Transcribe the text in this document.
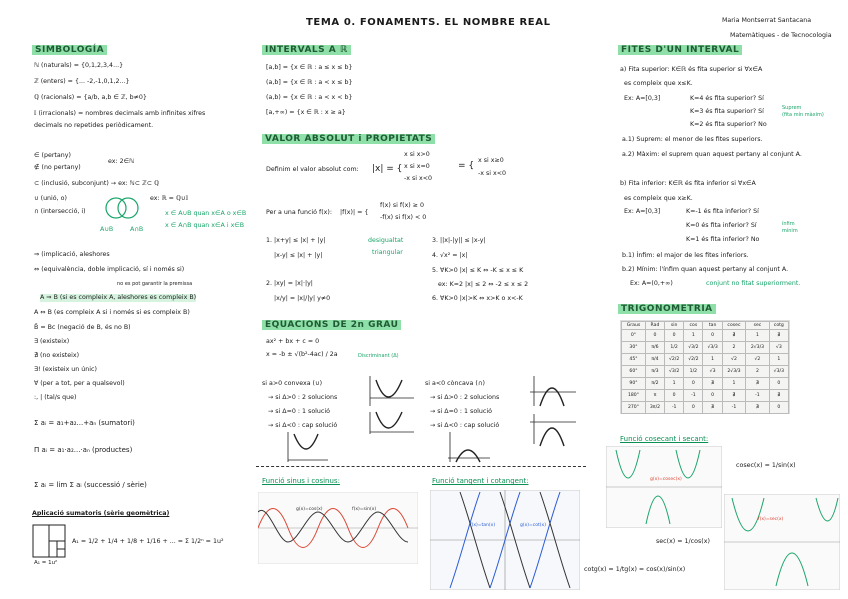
TEMA 0. FONAMENTS. EL NOMBRE REAL	Maria Montserrat Santacana
Matemàtiques - de Tecnocologia
SIMBOLOGÍA
ℕ (naturals) = {0,1,2,3,4...}
ℤ (enters) = {... -2,-1,0,1,2...}
ℚ (racionals) = {a/b, a,b ∈ ℤ, b≠0}
𝕀 (irracionals) = nombres decimals amb infinites xifres
decimals no repetides periòdicament.
∈ (pertany)
∉ (no pertany)
ex: 2∈ℕ
⊂ (inclusió, subconjunt) → ex: ℕ⊂ ℤ⊂ ℚ
∪ (unió, o)	ex: ℝ = ℚ∪𝕀
∩ (intersecció, i)
A∪B	A∩B
x ∈ A∪B quan x∈A o x∈B
x ∈ A∩B quan x∈A i x∈B
⇒ (implicació, aleshores
⇔ (equivalència, doble implicació, sí i només si)
no es pot garantir la premissa
A ⇒ B (si es compleix A, aleshores es compleix B)
A ⇔ B (es compleix A si i només si es compleix B)
B̄ = Bc (negació de B, és no B)
∃ (existeix)
∄ (no existeix)
∃! (existeix un únic)
∀ (per a tot, per a qualsevol)
:, | (tal/s que)
Σ aᵢ = a₁+a₂...+aₙ (sumatori)
Π aᵢ = a₁·a₂...·aₙ (productes)
Σ aᵢ = lim Σ aᵢ (successió / sèrie)
Aplicació sumatoris (sèrie geomètrica)
A₁ = 1u²
A₁ = 1/2 + 1/4 + 1/8 + 1/16 + ... = Σ 1/2ⁿ = 1u²
INTERVALS A ℝ
[a,b] = {x ∈ ℝ : a ≤ x ≤ b}
(a,b] = {x ∈ ℝ : a < x ≤ b}
(a,b) = {x ∈ ℝ : a < x < b}
[a,+∞) = {x ∈ ℝ : x ≥ a}
VALOR ABSOLUT i PROPIETATS
Definim el valor absolut com: |x| = {
x si x>0
x si x=0
-x si x<0
= {
x si x≥0
-x si x<0
Per a una funció f(x): |f(x)| = {
f(x) si f(x) ≥ 0
-f(x) si f(x) < 0
1. |x+y| ≤ |x| + |y|
|x-y| ≤ |x| + |y|
desigualtat
triangular
2. |xy| = |x|·|y|
|x/y| = |x|/|y| y≠0
3. ||x|-|y|| ≤ |x-y|
4. √x² = |x|
5. ∀K>0 |x| ≤ K ⇔ -K ≤ x ≤ K
ex: K=2 |x| ≤ 2 ⇔ -2 ≤ x ≤ 2
6. ∀K>0 |x|>K ⇔ x>K o x<-K
EQUACIONS DE 2n GRAU
ax² + bx + c = 0
x = -b ± √(b²-4ac) / 2a	Discriminant (Δ)
si a>0 convexa (∪)
→ si Δ>0 : 2 solucions
→ si Δ=0 : 1 solució
→ si Δ<0 : cap solució
si a<0 còncava (∩)
→ si Δ>0 : 2 solucions
→ si Δ=0 : 1 solució
→ si Δ<0 : cap solució
Funció sinus i cosinus:
g(x)=cos(x)	f(x)=sin(x)
Funció tangent i cotangent:
f(x)=tan(x)	g(x)=cot(x)
cotg(x) = 1/tg(x) = cos(x)/sin(x)
FITES D'UN INTERVAL
a) Fita superior: K∈ℝ és fita superior si ∀x∈A
es compleix que x≤K.
Ex: A=[0,3]	K=4 és fita superior? Sí
K=3 és fita superior? Sí	Suprem
(fita mín màxim)
K=2 és fita superior? No
a.1) Suprem: el menor de les fites superiors.
a.2) Màxim: el suprem quan aquest pertany al conjunt A.
b) Fita inferior: K∈ℝ és fita inferior si ∀x∈A
es compleix que x≥K.
Ex: A=[0,3]	K=-1 és fita inferior? Sí
K=0 és fita inferior? Sí	ínfim
mínim
K=1 és fita inferior? No
b.1) Ínfim: el major de les fites inferiors.
b.2) Mínim: l'ínfim quan aquest pertany al conjunt A.
Ex: A=(0,+∞)	conjunt no fitat superiorment.
TRIGONOMETRIA
Graus	Rad	sin	cos	tan	cosec	sec	cotg
0°	0	0	1	0	∄	1	∄
30°	π/6	1/2	√3/2	√3/3	2	2√3/3	√3
45°	π/4	√2/2	√2/2	1	√2	√2	1
60°	π/3	√3/2	1/2	√3	2√3/3	2	√3/3
90°	π/2	1	0	∄	1	∄	0
180°	π	0	-1	0	∄	-1	∄
270°	3π/2	-1	0	∄	-1	∄	0
Funció cosecant i secant:
g(x)=cosec(x)
cosec(x) = 1/sin(x)
sec(x) = 1/cos(x)
f(x)=sec(x)
